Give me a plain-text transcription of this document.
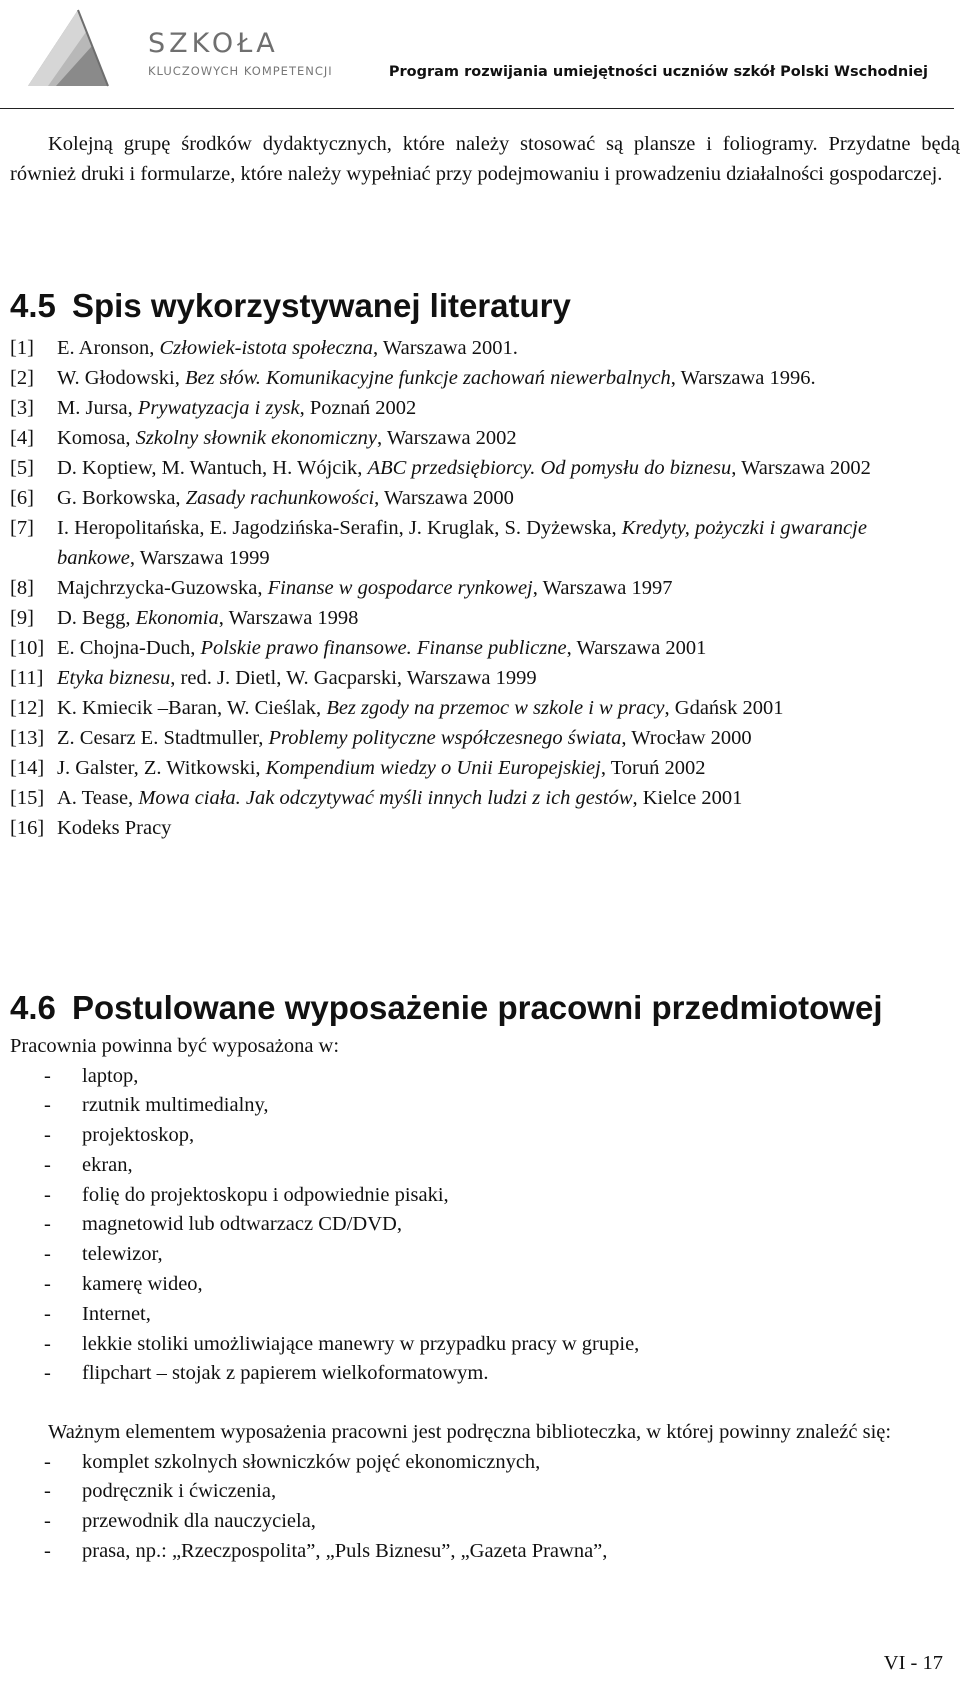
SZKOŁA
KLUCZOWYCH KOMPETENCJI	Program rozwijania umiejętności uczniów szkół Polski Wschodniej

Kolejną grupę środków dydaktycznych, które należy stosować są plansze i foliogramy. Przydatne będą również druki i formularze, które należy wypełniać przy podejmowaniu i prowadzeniu działalności gospodarczej.

4.5 Spis wykorzystywanej literatury
[1]	E. Aronson, Człowiek-istota społeczna, Warszawa 2001.
[2]	W. Głodowski, Bez słów. Komunikacyjne funkcje zachowań niewerbalnych, Warszawa 1996.
[3]	M. Jursa, Prywatyzacja i zysk, Poznań 2002
[4]	Komosa, Szkolny słownik ekonomiczny, Warszawa 2002
[5]	D. Koptiew, M. Wantuch, H. Wójcik, ABC przedsiębiorcy. Od pomysłu do biznesu, Warszawa 2002
[6]	G. Borkowska, Zasady rachunkowości, Warszawa 2000
[7]	I. Heropolitańska, E. Jagodzińska-Serafin, J. Kruglak, S. Dyżewska, Kredyty, pożyczki i gwarancje bankowe, Warszawa 1999
[8]	Majchrzycka-Guzowska, Finanse w gospodarce rynkowej, Warszawa 1997
[9]	D. Begg, Ekonomia, Warszawa 1998
[10] E. Chojna-Duch, Polskie prawo finansowe. Finanse publiczne, Warszawa 2001
[11] Etyka biznesu, red. J. Dietl, W. Gacparski, Warszawa 1999
[12] K. Kmiecik –Baran, W. Cieślak, Bez zgody na przemoc w szkole i w pracy, Gdańsk 2001
[13] Z. Cesarz E. Stadtmuller, Problemy polityczne współczesnego świata, Wrocław 2000
[14] J. Galster, Z. Witkowski, Kompendium wiedzy o Unii Europejskiej, Toruń 2002
[15] A. Tease, Mowa ciała. Jak odczytywać myśli innych ludzi z ich gestów, Kielce 2001
[16] Kodeks Pracy
4.6 Postulowane wyposażenie pracowni przedmiotowej

Pracownia powinna być wyposażona w:

-	laptop,
-	rzutnik multimedialny,
-	projektoskop,
-	ekran,
-	folię do projektoskopu i odpowiednie pisaki,
-	magnetowid lub odtwarzacz CD/DVD,
-	telewizor,
-	kamerę wideo,
-	Internet,
-	lekkie stoliki umożliwiające manewry w przypadku pracy w grupie,
-	flipchart – stojak z papierem wielkoformatowym.

Ważnym elementem wyposażenia pracowni jest podręczna biblioteczka, w której powinny znaleźć się:

-	komplet szkolnych słowniczków pojęć ekonomicznych,
-	podręcznik i ćwiczenia,
-	przewodnik dla nauczyciela,
-	prasa, np.: „Rzeczpospolita”, „Puls Biznesu”, „Gazeta Prawna”,
VI - 17
